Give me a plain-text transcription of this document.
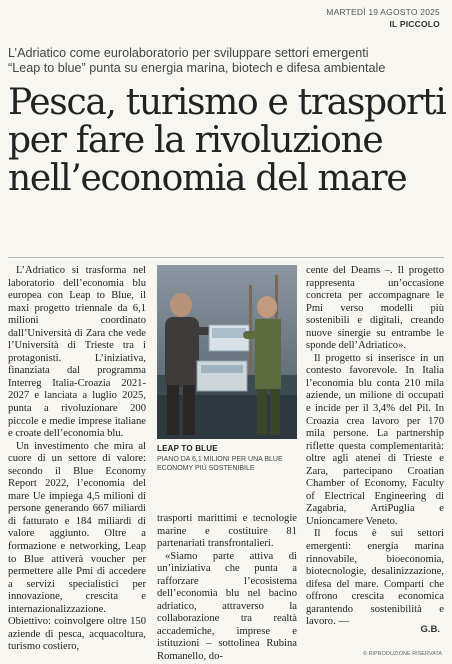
MARTEDÌ 19 AGOSTO 2025
IL PICCOLO
L’Adriatico come eurolaboratorio per sviluppare settori emergenti
“Leap to blue” punta su energia marina, biotech e difesa ambientale
Pesca, turismo e trasporti
per fare la rivoluzione
nell’economia del mare

L’Adriatico si trasforma nel laboratorio dell’economia blu europea con Leap to Blue, il maxi progetto triennale da 6,1 milioni coordinato dall’Università di Zara che vede l’Università di Trieste tra i protagonisti. L’iniziativa, finanziata dal programma Interreg Italia-Croazia 2021-2027 e lanciata a luglio 2025, punta a rivoluzionare 200 piccole e medie imprese italiane e croate dell’economia blu.

Un investimento che mira al cuore di un settore di valore: secondo il Blue Economy Report 2022, l’economia del mare Ue impiega 4,5 milioni di persone generando 667 miliardi di fatturato e 184 miliardi di valore aggiunto. Oltre a formazione e networking, Leap to Blue attiverà voucher per permettere alle Pmi di accedere a servizi specialistici per innovazione, crescita e internazionalizzazione. Obiettivo: coinvolgere oltre 150 aziende di pesca, acquacoltura, turismo costiero,

LEAP TO BLUE
PIANO DA 6,1 MILIONI PER UNA BLUE ECONOMY PIÙ SOSTENIBILE

trasporti marittimi e tecnologie marine e costituire 81 partenariati transfrontalieri.

«Siamo parte attiva di un’iniziativa che punta a rafforzare l’ecosistema dell’economia blu nel bacino adriatico, attraverso la collaborazione tra realtà accademiche, imprese e istituzioni – sottolinea Rubina Romanello, do-

cente del Deams –. Il progetto rappresenta un’occasione concreta per accompagnare le Pmi verso modelli più sostenibili e digitali, creando nuove sinergie su entrambe le sponde dell’Adriatico».

Il progetto si inserisce in un contesto favorevole. In Italia l’economia blu conta 210 mila aziende, un milione di occupati e incide per il 3,4% del Pil. In Croazia crea lavoro per 170 mila persone. La partnership riflette questa complementarità: oltre agli atenei di Trieste e Zara, partecipano Croatian Chamber of Economy, Faculty of Electrical Engineering di Zagabria, ArtiPuglia e Unioncamere Veneto.

Il focus è sui settori emergenti: energia marina rinnovabile, bioeconomia, biotecnologie, desalinizzazione, difesa del mare. Comparti che offrono crescita economica garantendo sostenibilità e lavoro. —

G.B.
© RIPRODUZIONE RISERVATA
